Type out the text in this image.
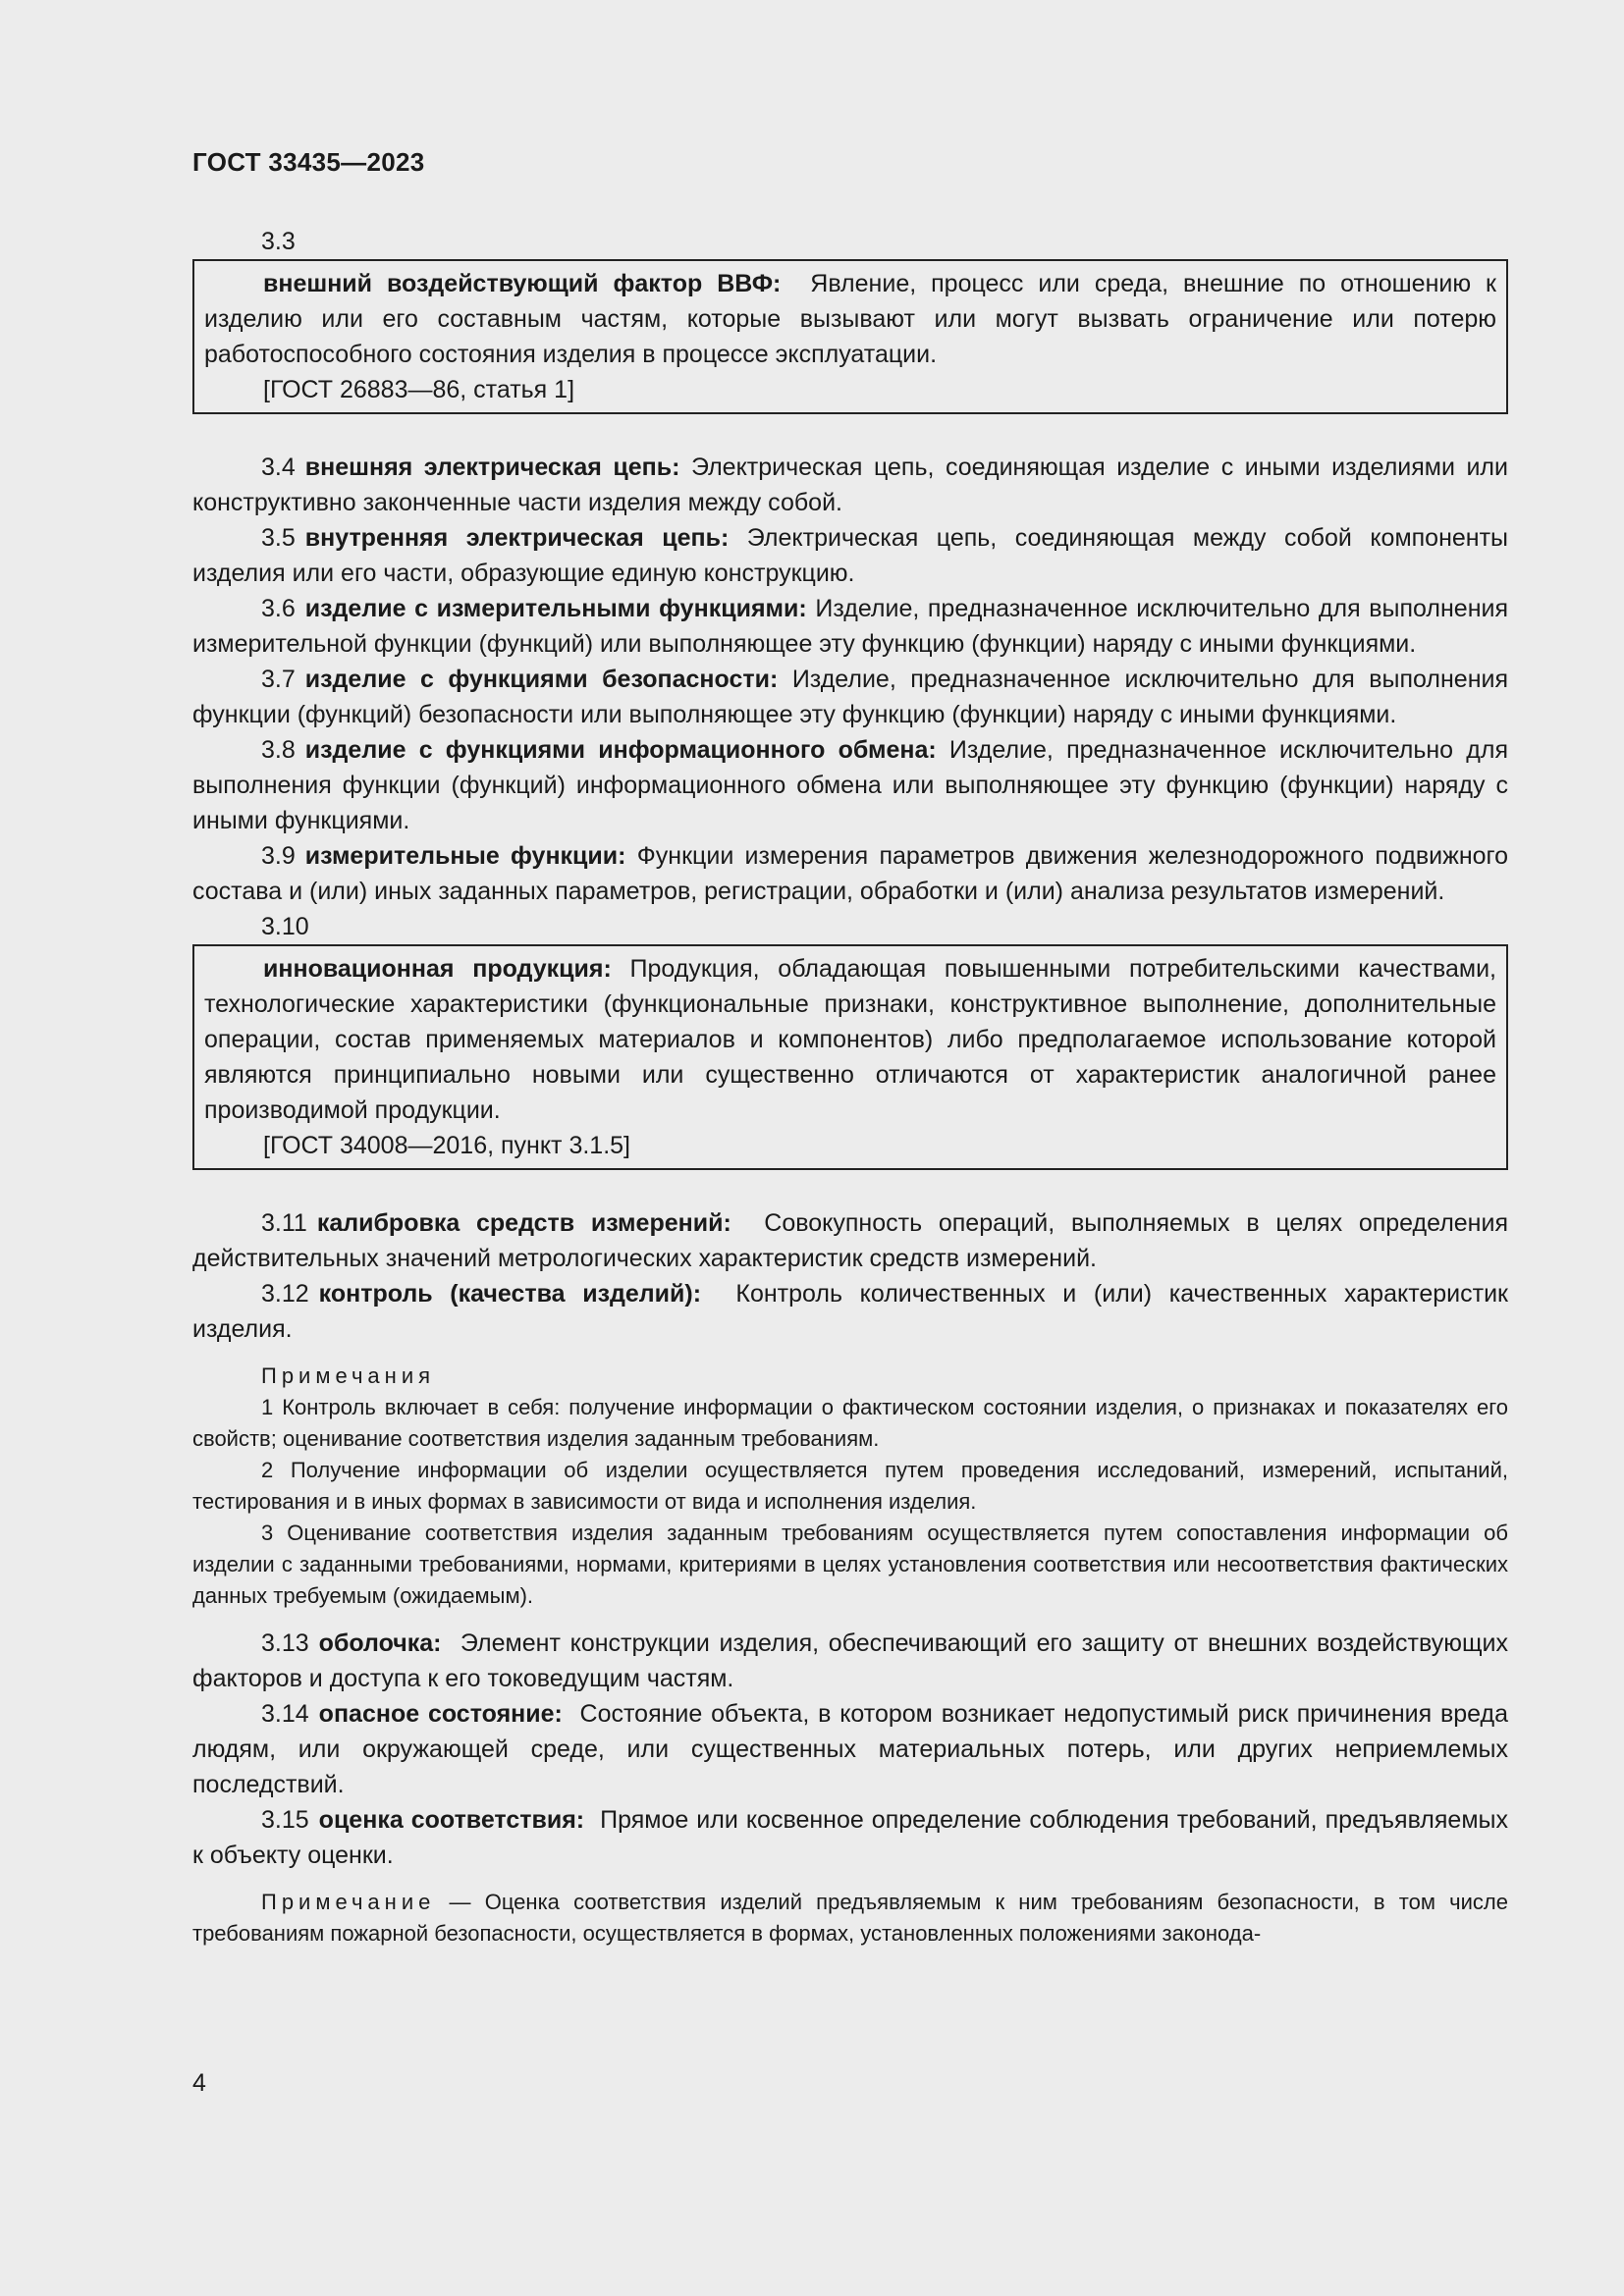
ГОСТ 33435—2023

3.3

внешний воздействующий фактор ВВФ: Явление, процесс или среда, внешние по отношению к изделию или его составным частям, которые вызывают или могут вызвать ограничение или потерю работоспособного состояния изделия в процессе эксплуатации.

[ГОСТ 26883—86, статья 1]

3.4 внешняя электрическая цепь: Электрическая цепь, соединяющая изделие с иными изделиями или конструктивно законченные части изделия между собой.

3.5 внутренняя электрическая цепь: Электрическая цепь, соединяющая между собой компоненты изделия или его части, образующие единую конструкцию.

3.6 изделие с измерительными функциями: Изделие, предназначенное исключительно для выполнения измерительной функции (функций) или выполняющее эту функцию (функции) наряду с иными функциями.

3.7 изделие с функциями безопасности: Изделие, предназначенное исключительно для выполнения функции (функций) безопасности или выполняющее эту функцию (функции) наряду с иными функциями.

3.8 изделие с функциями информационного обмена: Изделие, предназначенное исключительно для выполнения функции (функций) информационного обмена или выполняющее эту функцию (функции) наряду с иными функциями.

3.9 измерительные функции: Функции измерения параметров движения железнодорожного подвижного состава и (или) иных заданных параметров, регистрации, обработки и (или) анализа результатов измерений.

3.10

инновационная продукция: Продукция, обладающая повышенными потребительскими качествами, технологические характеристики (функциональные признаки, конструктивное выполнение, дополнительные операции, состав применяемых материалов и компонентов) либо предполагаемое использование которой являются принципиально новыми или существенно отличаются от характеристик аналогичной ранее производимой продукции.

[ГОСТ 34008—2016, пункт 3.1.5]

3.11 калибровка средств измерений: Совокупность операций, выполняемых в целях определения действительных значений метрологических характеристик средств измерений.

3.12 контроль (качества изделий): Контроль количественных и (или) качественных характеристик изделия.

Примечания

1 Контроль включает в себя: получение информации о фактическом состоянии изделия, о признаках и показателях его свойств; оценивание соответствия изделия заданным требованиям.

2 Получение информации об изделии осуществляется путем проведения исследований, измерений, испытаний, тестирования и в иных формах в зависимости от вида и исполнения изделия.

3 Оценивание соответствия изделия заданным требованиям осуществляется путем сопоставления информации об изделии с заданными требованиями, нормами, критериями в целях установления соответствия или несоответствия фактических данных требуемым (ожидаемым).

3.13 оболочка: Элемент конструкции изделия, обеспечивающий его защиту от внешних воздействующих факторов и доступа к его токоведущим частям.

3.14 опасное состояние: Состояние объекта, в котором возникает недопустимый риск причинения вреда людям, или окружающей среде, или существенных материальных потерь, или других неприемлемых последствий.

3.15 оценка соответствия: Прямое или косвенное определение соблюдения требований, предъявляемых к объекту оценки.

Примечание — Оценка соответствия изделий предъявляемым к ним требованиям безопасности, в том числе требованиям пожарной безопасности, осуществляется в формах, установленных положениями законода-

4
